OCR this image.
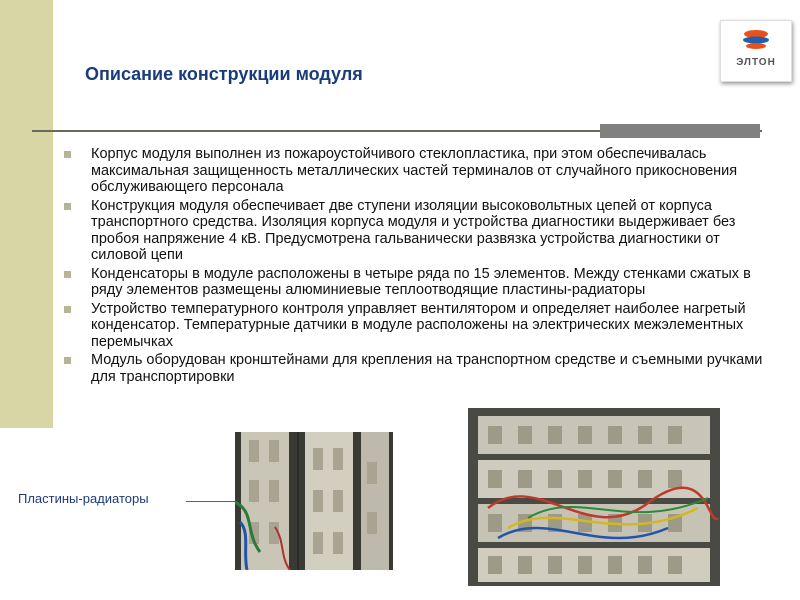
ЭЛТОН
Описание конструкции модуля
Корпус модуля выполнен из пожароустойчивого стеклопластика, при этом обеспечивалась максимальная защищенность металлических частей терминалов от случайного прикосновения обслуживающего персонала
Конструкция модуля обеспечивает две ступени изоляции высоковольтных цепей от корпуса транспортного средства. Изоляция корпуса модуля и устройства диагностики выдерживает без пробоя напряжение 4 кВ. Предусмотрена гальванически развязка устройства диагностики от силовой цепи
Конденсаторы в модуле расположены в четыре ряда по 15 элементов. Между стенками сжатых в ряду элементов размещены алюминиевые теплоотводящие пластины-радиаторы
Устройство температурного контроля управляет вентилятором и определяет наиболее нагретый конденсатор. Температурные датчики в модуле расположены на электрических межэлементных перемычках
Модуль оборудован кронштейнами для крепления на транспортном средстве и съемными ручками для транспортировки
Пластины-радиаторы
